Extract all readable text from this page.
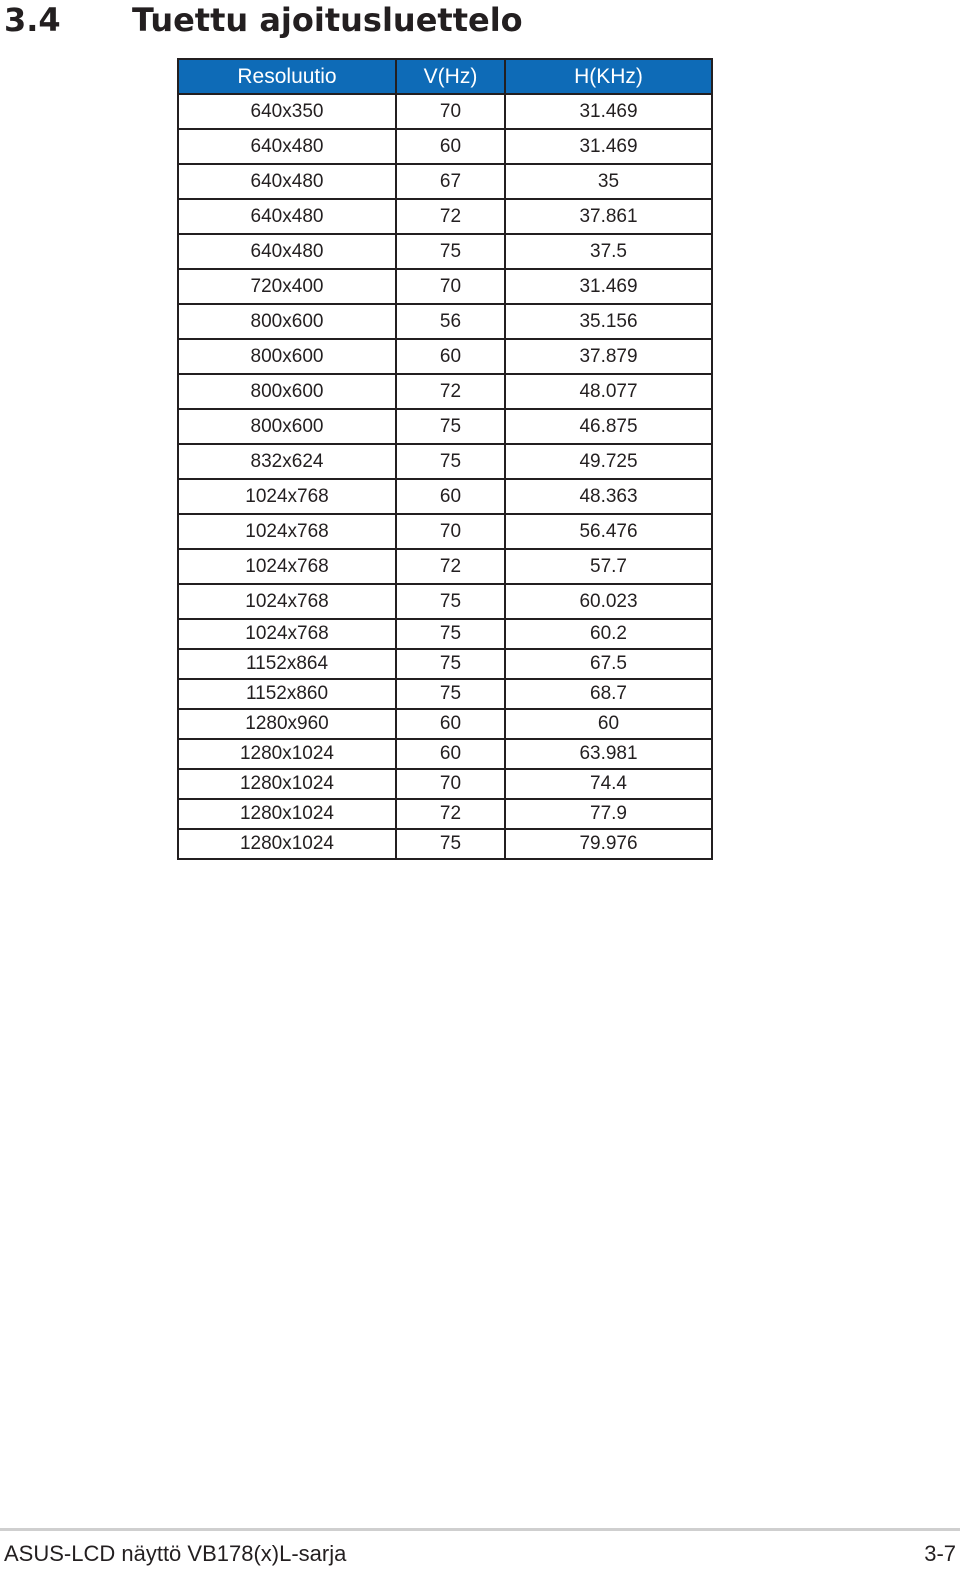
3.4 Tuettu ajoitusluettelo
Resoluutio	V(Hz)	H(KHz)
640x350	70	31.469
640x480	60	31.469
640x480	67	35
640x480	72	37.861
640x480	75	37.5
720x400	70	31.469
800x600	56	35.156
800x600	60	37.879
800x600	72	48.077
800x600	75	46.875
832x624	75	49.725
1024x768	60	48.363
1024x768	70	56.476
1024x768	72	57.7
1024x768	75	60.023
1024x768	75	60.2
1152x864	75	67.5
1152x860	75	68.7
1280x960	60	60
1280x1024	60	63.981
1280x1024	70	74.4
1280x1024	72	77.9
1280x1024	75	79.976
ASUS-LCD näyttö VB178(x)L-sarja	3-7
